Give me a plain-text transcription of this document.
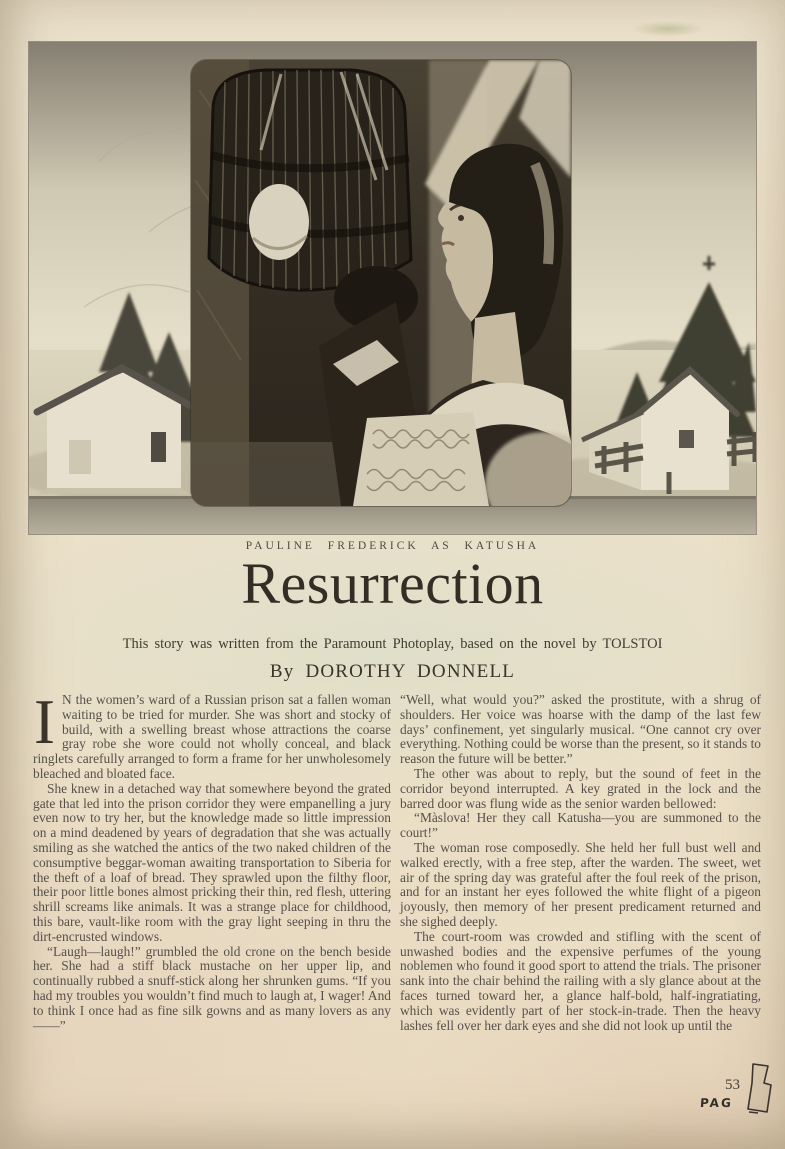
PAULINE FREDERICK AS KATUSHA
Resurrection
This story was written from the Paramount Photoplay, based on the novel by TOLSTOI
By DOROTHY DONNELL

I N the women’s ward of a Russian prison sat a fallen woman waiting to be tried for murder. She was short and stocky of build, with a swelling breast whose attractions the coarse gray robe she wore could not wholly conceal, and black ringlets carefully arranged to form a frame for her unwholesomely bleached and bloated face.

She knew in a detached way that somewhere beyond the grated gate that led into the prison corridor they were empanelling a jury even now to try her, but the knowledge made so little impression on a mind deadened by years of degradation that she was actually smiling as she watched the antics of the two naked children of the consumptive beggar-woman awaiting transportation to Siberia for the theft of a loaf of bread. They sprawled upon the filthy floor, their poor little bones almost pricking their thin, red flesh, uttering shrill screams like animals. It was a strange place for childhood, this bare, vault-like room with the gray light seeping in thru the dirt-encrusted windows.

“Laugh—laugh!” grumbled the old crone on the bench beside her. She had a stiff black mustache on her upper lip, and continually rubbed a snuff-stick along her shrunken gums. “If you had my troubles you wouldn’t find much to laugh at, I wager! And to think I once had as fine silk gowns and as many lovers as any——”

“Well, what would you?” asked the prostitute, with a shrug of shoulders. Her voice was hoarse with the damp of the last few days’ confinement, yet singularly musical. “One cannot cry over everything. Nothing could be worse than the present, so it stands to reason the future will be better.”

The other was about to reply, but the sound of feet in the corridor beyond interrupted. A key grated in the lock and the barred door was flung wide as the senior warden bellowed:

“Màslova! Her they call Katusha—you are summoned to the court!”

The woman rose composedly. She held her full bust well and walked erectly, with a free step, after the warden. The sweet, wet air of the spring day was grateful after the foul reek of the prison, and for an instant her eyes followed the white flight of a pigeon joyously, then memory of her present predicament returned and she sighed deeply.

The court-room was crowded and stifling with the scent of unwashed bodies and the expensive perfumes of the young noblemen who found it good sport to attend the trials. The prisoner sank into the chair behind the railing with a sly glance about at the faces turned toward her, a glance half-bold, half-ingratiating, which was evidently part of her stock-in-trade. Then the heavy lashes fell over her dark eyes and she did not look up until the

53
PAG
